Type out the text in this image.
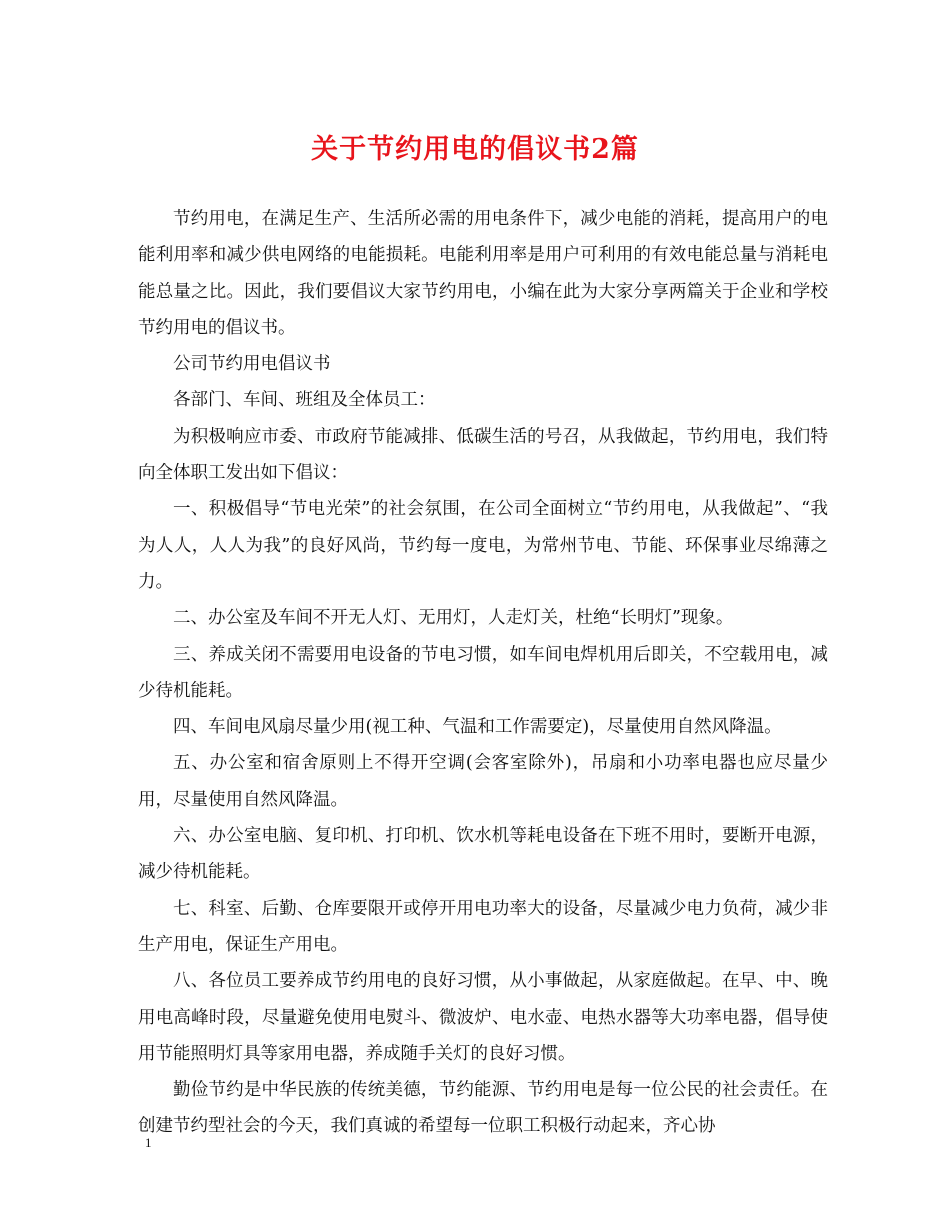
关于节约用电的倡议书2篇

节约用电，在满足生产、生活所必需的用电条件下，减少电能的消耗，提高用户的电能利用率和减少供电网络的电能损耗。电能利用率是用户可利用的有效电能总量与消耗电能总量之比。因此，我们要倡议大家节约用电，小编在此为大家分享两篇关于企业和学校节约用电的倡议书。

公司节约用电倡议书

各部门、车间、班组及全体员工：

为积极响应市委、市政府节能减排、低碳生活的号召，从我做起，节约用电，我们特向全体职工发出如下倡议：

一、积极倡导“节电光荣”的社会氛围，在公司全面树立“节约用电，从我做起”、“我为人人，人人为我”的良好风尚，节约每一度电，为常州节电、节能、环保事业尽绵薄之力。

二、办公室及车间不开无人灯、无用灯，人走灯关，杜绝“长明灯”现象。

三、养成关闭不需要用电设备的节电习惯，如车间电焊机用后即关，不空载用电，减少待机能耗。

四、车间电风扇尽量少用(视工种、气温和工作需要定)，尽量使用自然风降温。

五、办公室和宿舍原则上不得开空调(会客室除外)，吊扇和小功率电器也应尽量少用，尽量使用自然风降温。

六、办公室电脑、复印机、打印机、饮水机等耗电设备在下班不用时，要断开电源，减少待机能耗。

七、科室、后勤、仓库要限开或停开用电功率大的设备，尽量减少电力负荷，减少非生产用电，保证生产用电。

八、各位员工要养成节约用电的良好习惯，从小事做起，从家庭做起。在早、中、晚用电高峰时段，尽量避免使用电熨斗、微波炉、电水壶、电热水器等大功率电器，倡导使用节能照明灯具等家用电器，养成随手关灯的良好习惯。

勤俭节约是中华民族的传统美德，节约能源、节约用电是每一位公民的社会责任。在创建节约型社会的今天，我们真诚的希望每一位职工积极行动起来，齐心协

1
